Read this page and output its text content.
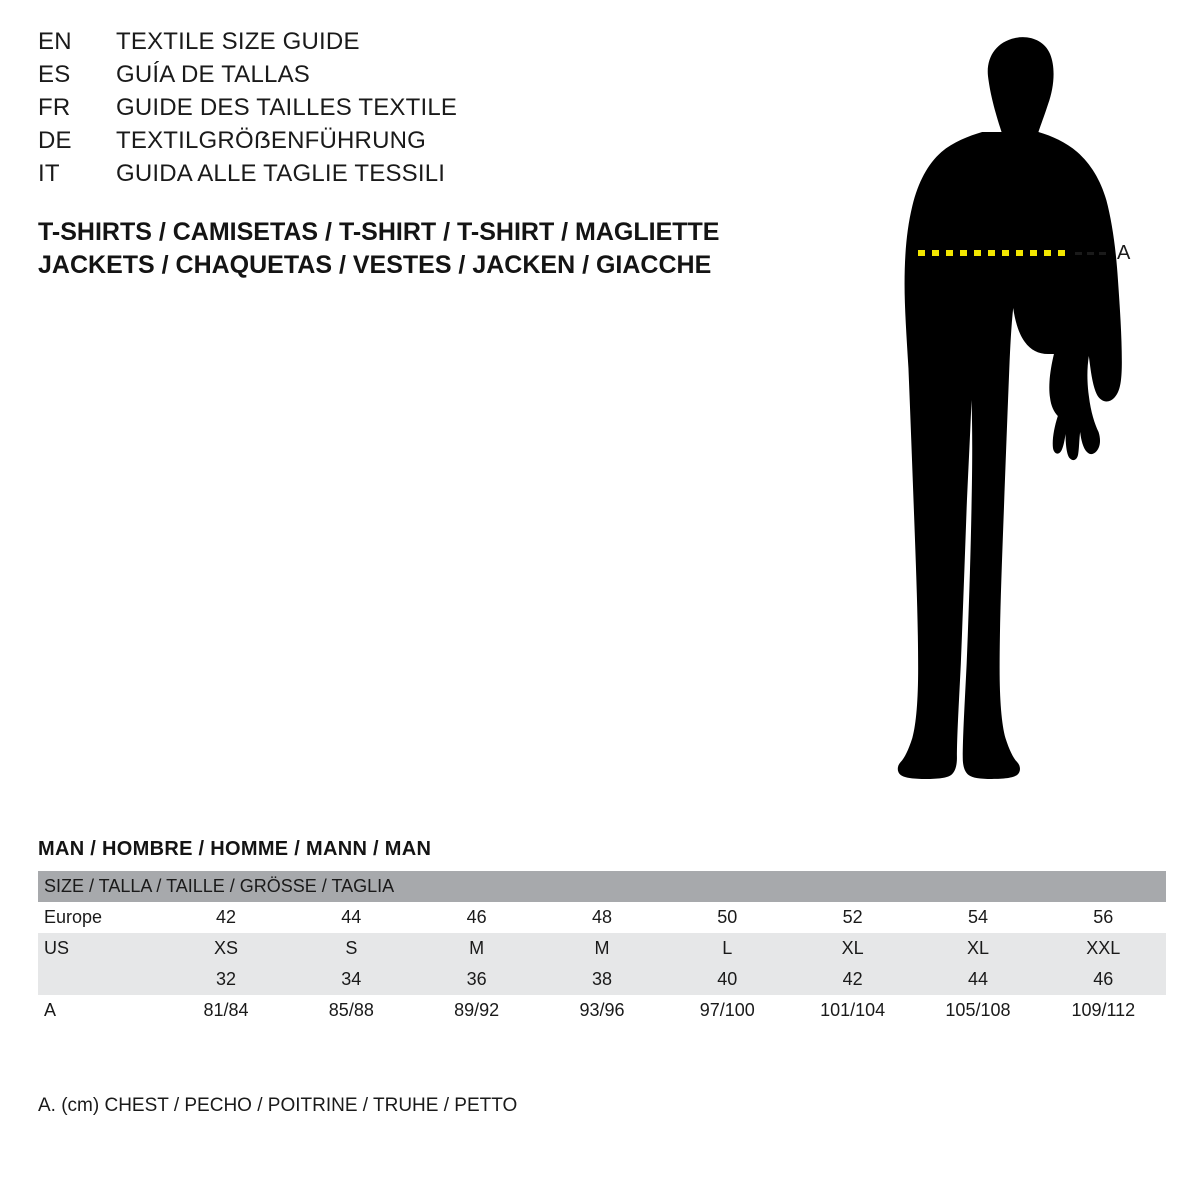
EN	TEXTILE SIZE GUIDE
ES	GUÍA DE TALLAS
FR	GUIDE DES TAILLES TEXTILE
DE	TEXTILGRÖẞENFÜHRUNG
IT	GUIDA ALLE TAGLIE TESSILI
T-SHIRTS / CAMISETAS / T-SHIRT / T-SHIRT / MAGLIETTE
JACKETS / CHAQUETAS / VESTES / JACKEN / GIACCHE	A
MAN / HOMBRE / HOMME / MANN / MAN
SIZE / TALLA / TAILLE / GRÖSSE / TAGLIA								
Europe	42	44	46	48	50	52	54	56
US	XS	S	M	M	L	XL	XL	XXL
	32	34	36	38	40	42	44	46
A	81/84	85/88	89/92	93/96	97/100	101/104	105/108	109/112
A. (cm) CHEST / PECHO / POITRINE / TRUHE / PETTO
